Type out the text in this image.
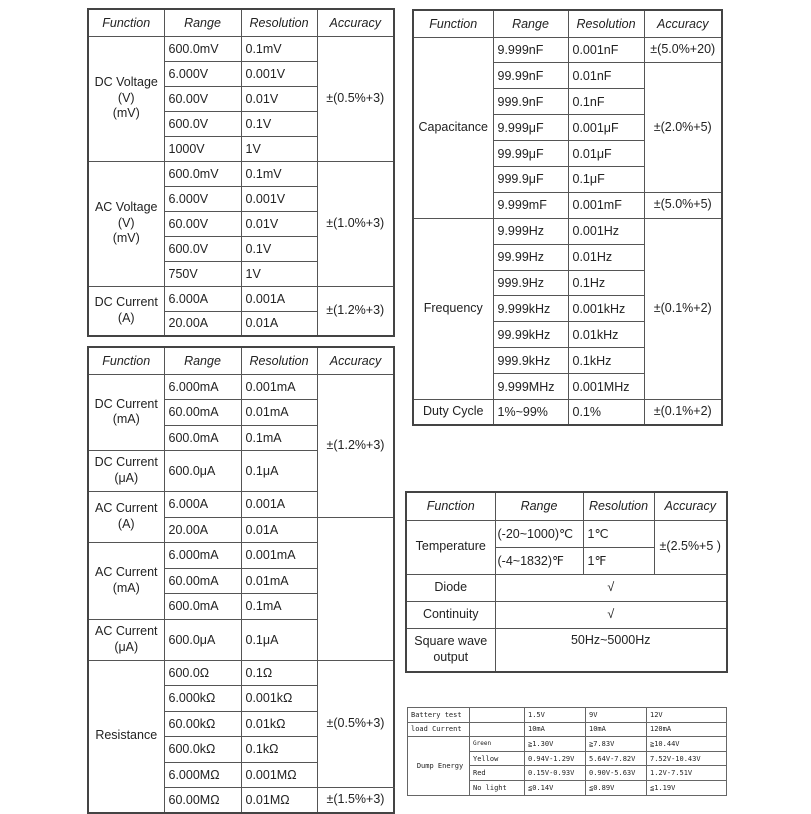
Function	Range	Resolution	Accuracy

DC Voltage
(V)
(mV)
	600.0mV	0.1mV	±(0.5%+3)
6.000V	0.001V
60.00V	0.01V
600.0V	0.1V
1000V	1V

AC Voltage
(V)
(mV)
	600.0mV	0.1mV	±(1.0%+3)
6.000V	0.001V
60.00V	0.01V
600.0V	0.1V
750V	1V

DC Current
(A)
	6.000A	0.001A	±(1.2%+3)
20.00A	0.01A
Function	Range	Resolution	Accuracy

DC Current
(mA)
	6.000mA	0.001mA	±(1.2%+3)
60.00mA	0.01mA
600.0mA	0.1mA

DC Current
(μA)	600.0μA	0.1μA

AC Current
(A)
	6.000A	0.001A	
20.00A	0.01A

AC Current
(mA)
	6.000mA	0.001mA
60.00mA	0.01mA
600.0mA	0.1mA

AC Current
(μA)	600.0μA	0.1μA
Resistance	600.0Ω	0.1Ω	±(0.5%+3)
6.000kΩ	0.001kΩ
60.00kΩ	0.01kΩ
600.0kΩ	0.1kΩ
6.000MΩ	0.001MΩ
60.00MΩ	0.01MΩ	±(1.5%+3)
Function	Range	Resolution	Accuracy
Capacitance	9.999nF	0.001nF	±(5.0%+20)
99.99nF	0.01nF	±(2.0%+5)
999.9nF	0.1nF
9.999μF	0.001μF
99.99μF	0.01μF
999.9μF	0.1μF
9.999mF	0.001mF	±(5.0%+5)
Frequency	9.999Hz	0.001Hz	±(0.1%+2)
99.99Hz	0.01Hz
999.9Hz	0.1Hz
9.999kHz	0.001kHz
99.99kHz	0.01kHz
999.9kHz	0.1kHz
9.999MHz	0.001MHz
Duty Cycle	1%~99%	0.1%	±(0.1%+2)
Function	Range	Resolution	Accuracy
Temperature	(-20~1000)℃	1℃	±(2.5%+5 )
(-4~1832)℉	1℉
Diode	√
Continuity	√

Square wave
output
	50Hz~5000Hz
Battery test		1.5V	9V	12V
load Current		10mA	10mA	120mA
Dump Energy	Green	≧1.30V	≧7.83V	≧10.44V
Yellow	0.94V-1.29V	5.64V-7.82V	7.52V-10.43V
Red	0.15V-0.93V	0.90V-5.63V	1.2V-7.51V
No light	≦0.14V	≦0.89V	≦1.19V
